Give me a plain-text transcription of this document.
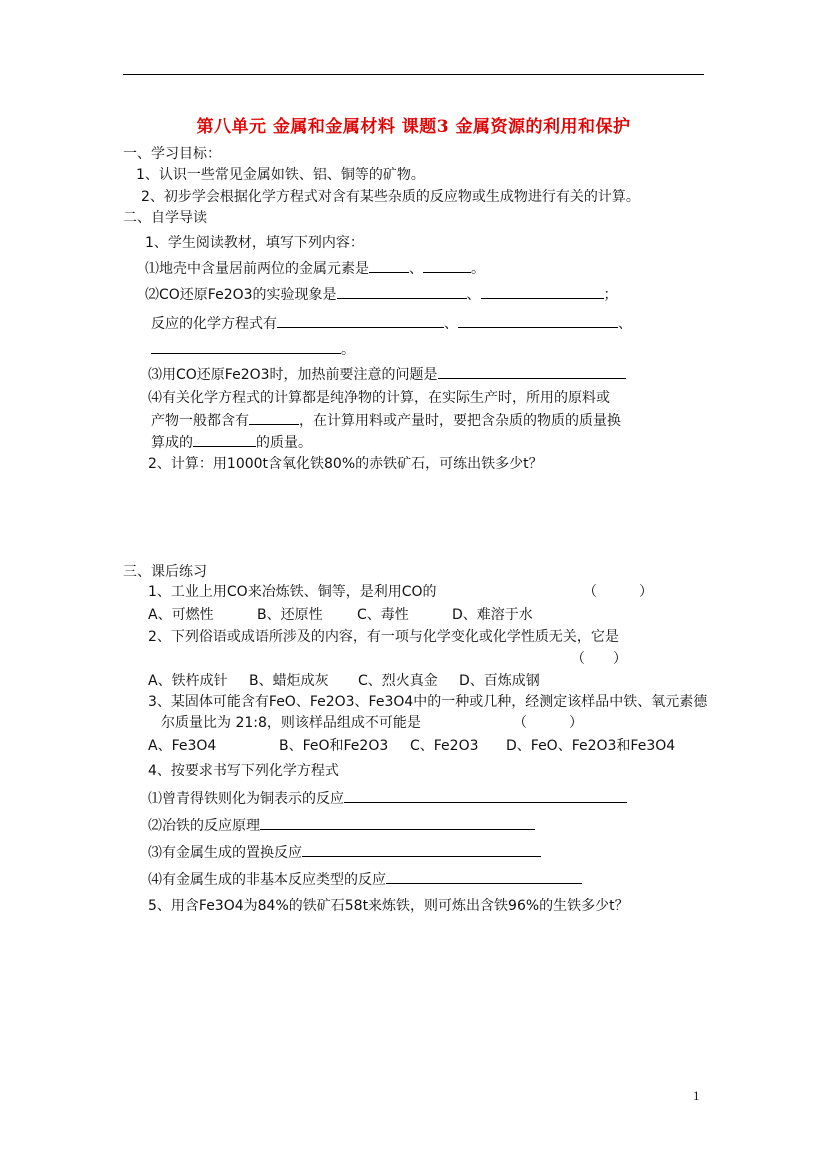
第八单元 金属和金属材料 课题3 金属资源的利用和保护
一、学习目标：
1、认识一些常见金属如铁、铝、铜等的矿物。
2、初步学会根据化学方程式对含有某些杂质的反应物或生成物进行有关的计算。
二、自学导读
1、学生阅读教材，填写下列内容：
⑴地壳中含量居前两位的金属元素是	、	。
⑵CO还原Fe2O3的实验现象是	、	；
反应的化学方程式有	、	、
。
⑶用CO还原Fe2O3时，加热前要注意的问题是
⑷有关化学方程式的计算都是纯净物的计算，在实际生产时，所用的原料或
产物一般都含有	，在计算用料或产量时，要把含杂质的物质的质量换
算成的	的质量。
2、计算：用1000t含氧化铁80%的赤铁矿石，可练出铁多少t？
三、课后练习
1、工业上用CO来冶炼铁、铜等，是利用CO的	（　　　）
A、可燃性	B、还原性 C、毒性	D、难溶于水
2、下列俗语或成语所涉及的内容，有一项与化学变化或化学性质无关，它是
（　　）
A、铁杵成针 B、蜡炬成灰 C、烈火真金 D、百炼成钢
3、某固体可能含有FeO、Fe2O3、Fe3O4中的一种或几种，经测定该样品中铁、氧元素德
尔质量比为 21:8，则该样品组成不可能是	（　　　）
A、Fe3O4	B、FeO和Fe2O3 C、Fe2O3 D、FeO、Fe2O3和Fe3O4
4、按要求书写下列化学方程式
⑴曾青得铁则化为铜表示的反应
⑵冶铁的反应原理
⑶有金属生成的置换反应
⑷有金属生成的非基本反应类型的反应
5、用含Fe3O4为84%的铁矿石58t来炼铁，则可炼出含铁96%的生铁多少t？
1
